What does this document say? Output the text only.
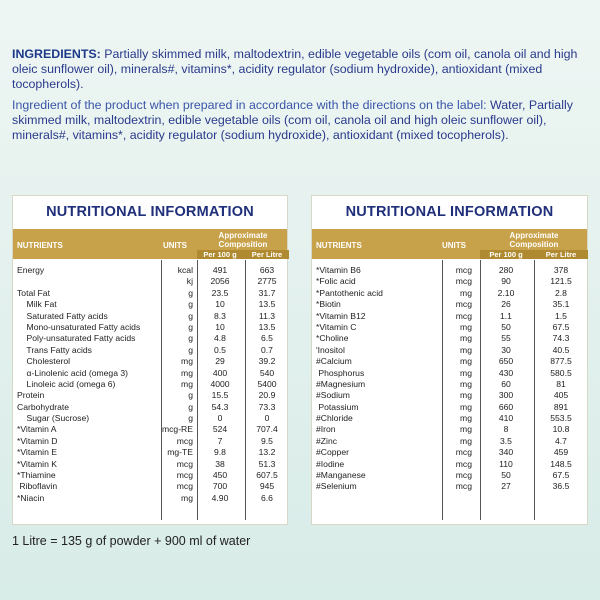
INGREDIENTS: Partially skimmed milk, maltodextrin, edible vegetable oils (com oil, canola oil and high oleic sunflower oil), minerals#, vitamins*, acidity regulator (sodium hydroxide), antioxidant (mixed tocopherols).

Ingredient of the product when prepared in accordance with the directions on the label: Water, Partially skimmed milk, maltodextrin, edible vegetable oils (com oil, canola oil and high oleic sunflower oil), minerals#, vitamins*, acidity regulator (sodium hydroxide), antioxidant (mixed tocopherols).

NUTRITIONAL INFORMATION
NUTRIENTS	UNITS
Approximate
Composition
Per 100 g	Per Litre
Energy	kcal	491	663
kj	2056	2775
Total Fat	g	23.5	31.7
Milk Fat	g	10	13.5
Saturated Fatty acids	g	8.3	11.3
Mono-unsaturated Fatty acids	g	10	13.5
Poly-unsaturated Fatty acids	g	4.8	6.5
Trans Fatty acids	g	0.5	0.7
Cholesterol	mg	29	39.2
α-Linolenic acid (omega 3)	mg	400	540
Linoleic acid (omega 6)	mg	4000	5400
Protein	g	15.5	20.9
Carbohydrate	g	54.3	73.3
Sugar (Sucrose)	g	0	0
*Vitamin A	mcg-RE	524	707.4
*Vitamin D	mcg	7	9.5
*Vitamin E	mg-TE	9.8	13.2
*Vitamin K	mcg	38	51.3
*Thiamine	mcg	450	607.5
Riboflavin	mcg	700	945
*Niacin	mg	4.90	6.6
NUTRITIONAL INFORMATION
NUTRIENTS	UNITS
Approximate
Composition
Per 100 g	Per Litre
*Vitamin B6	mcg	280	378
*Folic acid	mcg	90	121.5
*Pantothenic acid	mg	2.10	2.8
*Biotin	mcg	26	35.1
*Vitamin B12	mcg	1.1	1.5
*Vitamin C	mg	50	67.5
*Choline	mg	55	74.3
ʹInositol	mg	30	40.5
#Calcium	mg	650	877.5
Phosphorus	mg	430	580.5
#Magnesium	mg	60	81
#Sodium	mg	300	405
Potassium	mg	660	891
#Chloride	mg	410	553.5
#Iron	mg	8	10.8
#Zinc	mg	3.5	4.7
#Copper	mcg	340	459
#Iodine	mcg	110	148.5
#Manganese	mcg	50	67.5
#Selenium	mcg	27	36.5
1 Litre = 135 g of powder + 900 ml of water
